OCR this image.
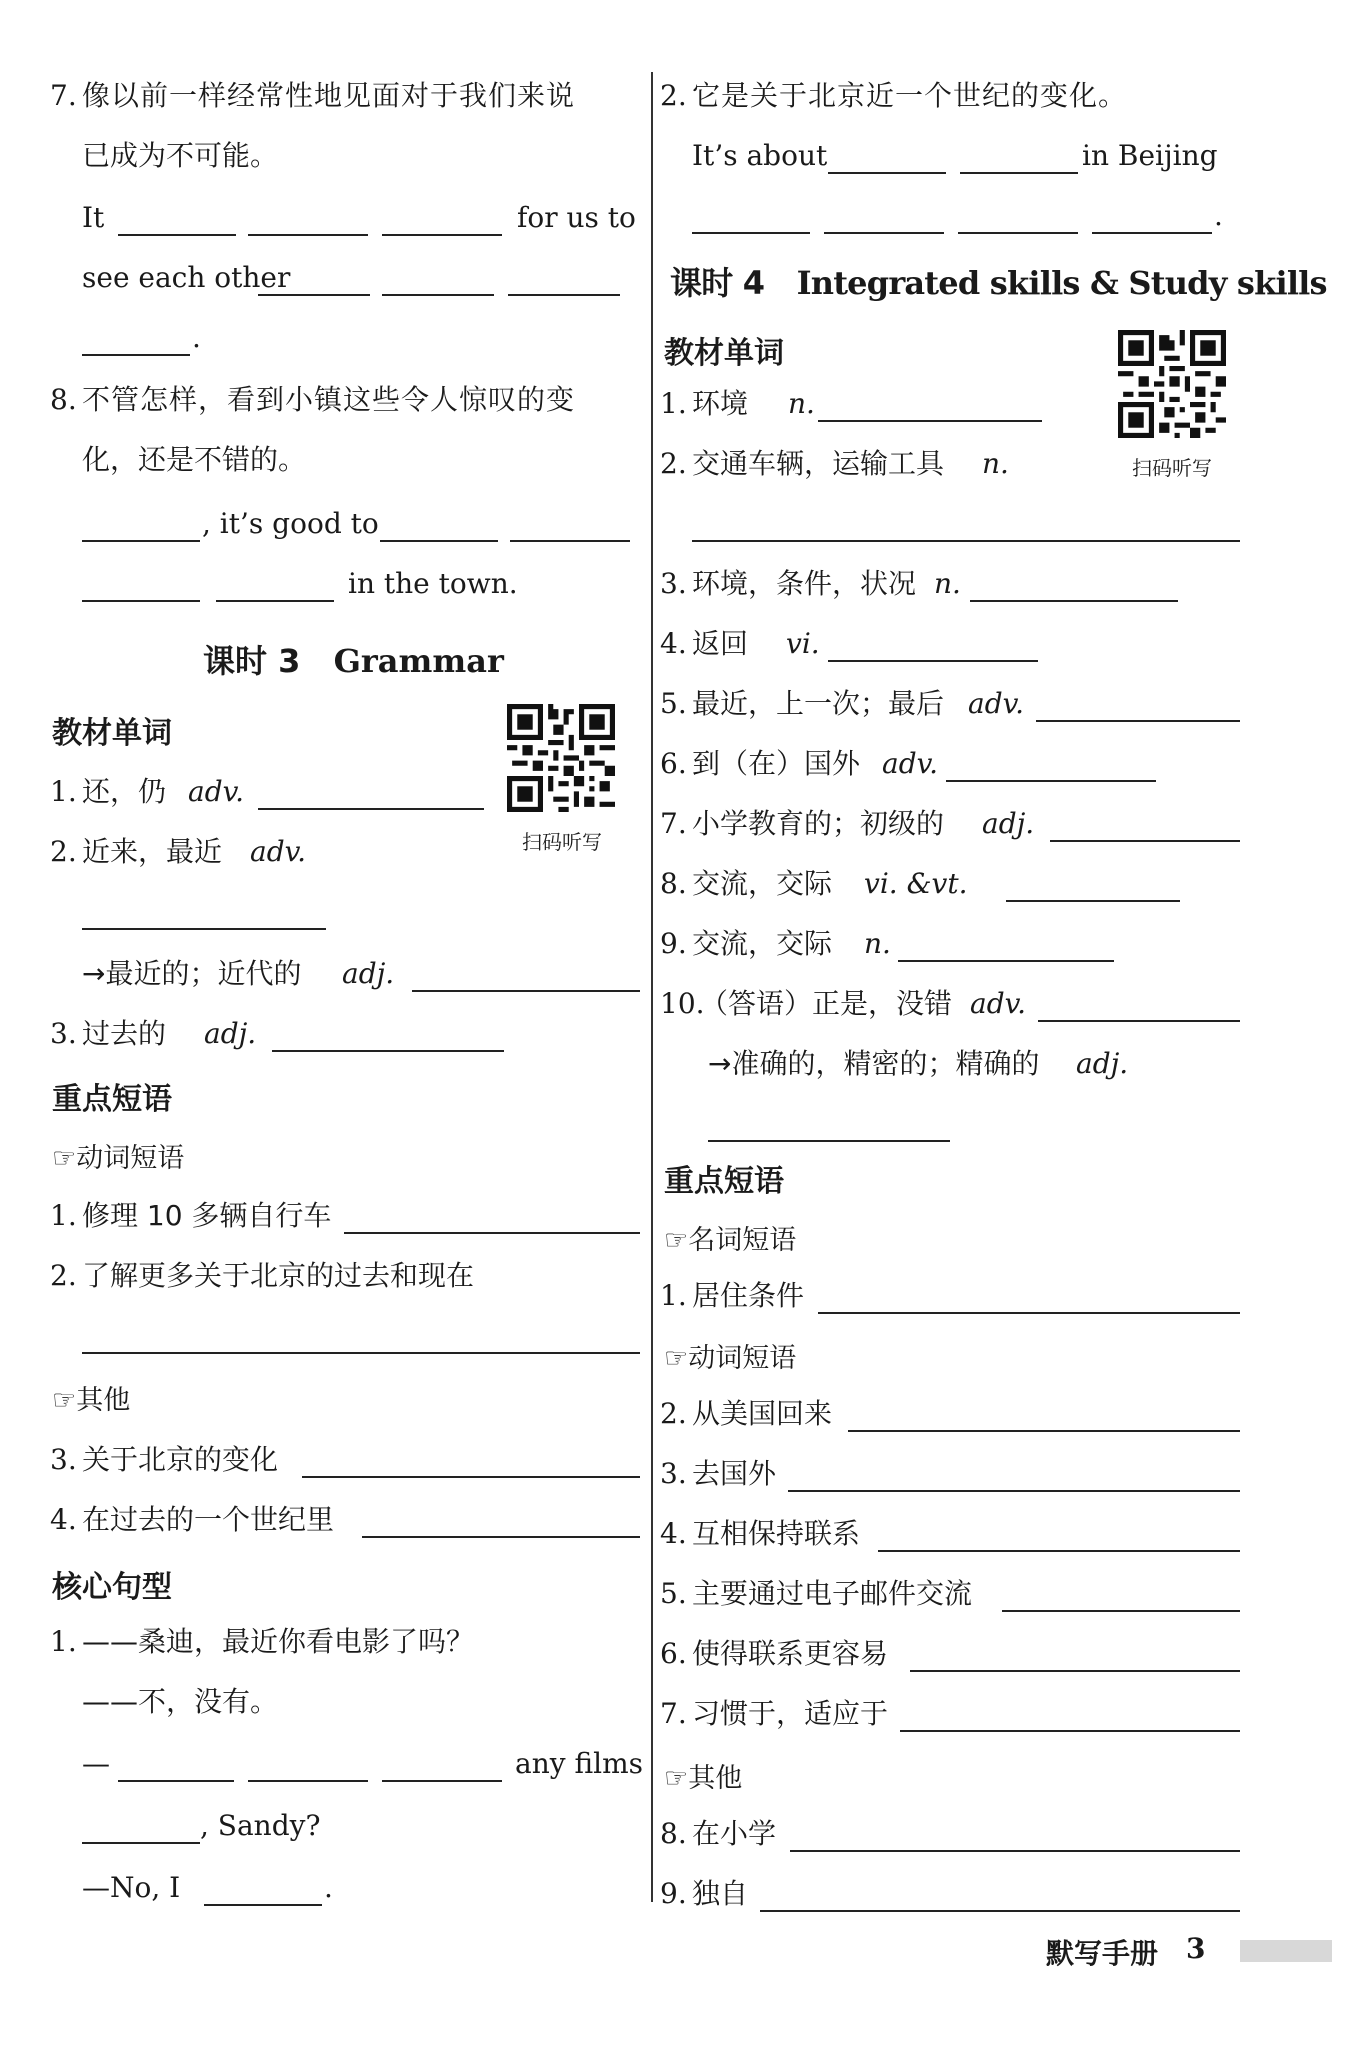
7. 像以前一样经常性地见面对于我们来说
已成为不可能。
It	for us to
see each other
.
8. 不管怎样，看到小镇这些令人惊叹的变
化，还是不错的。
, it’s good to
in the town.
课时 3 Grammar
教材单词
扫码听写
1. 还，仍 adv.
2. 近来，最近 adv.
→最近的；近代的 adj.
3. 过去的 adj.
重点短语
☞动词短语
1. 修理 10 多辆自行车
2. 了解更多关于北京的过去和现在
☞其他
3. 关于北京的变化
4. 在过去的一个世纪里
核心句型
1. ——桑迪，最近你看电影了吗？
——不，没有。
—	any films
, Sandy?
—No, I	.
2. 它是关于北京近一个世纪的变化。
It’s about	in Beijing
.
课时 4 Integrated skills & Study skills
教材单词
扫码听写
1. 环境 n.
2. 交通车辆，运输工具 n.
3. 环境，条件，状况 n.
4. 返回 vi.
5. 最近，上一次；最后 adv.
6. 到（在）国外 adv.
7. 小学教育的；初级的 adj.
8. 交流，交际 vi. &vt.
9. 交流，交际 n.
10.
（答语）正是，没错 adv.
→准确的，精密的；精确的 adj.
重点短语
☞名词短语
1. 居住条件
☞动词短语
2. 从美国回来
3. 去国外
4. 互相保持联系
5. 主要通过电子邮件交流
6. 使得联系更容易
7. 习惯于，适应于
☞其他
8. 在小学
9. 独自
默写手册 3
